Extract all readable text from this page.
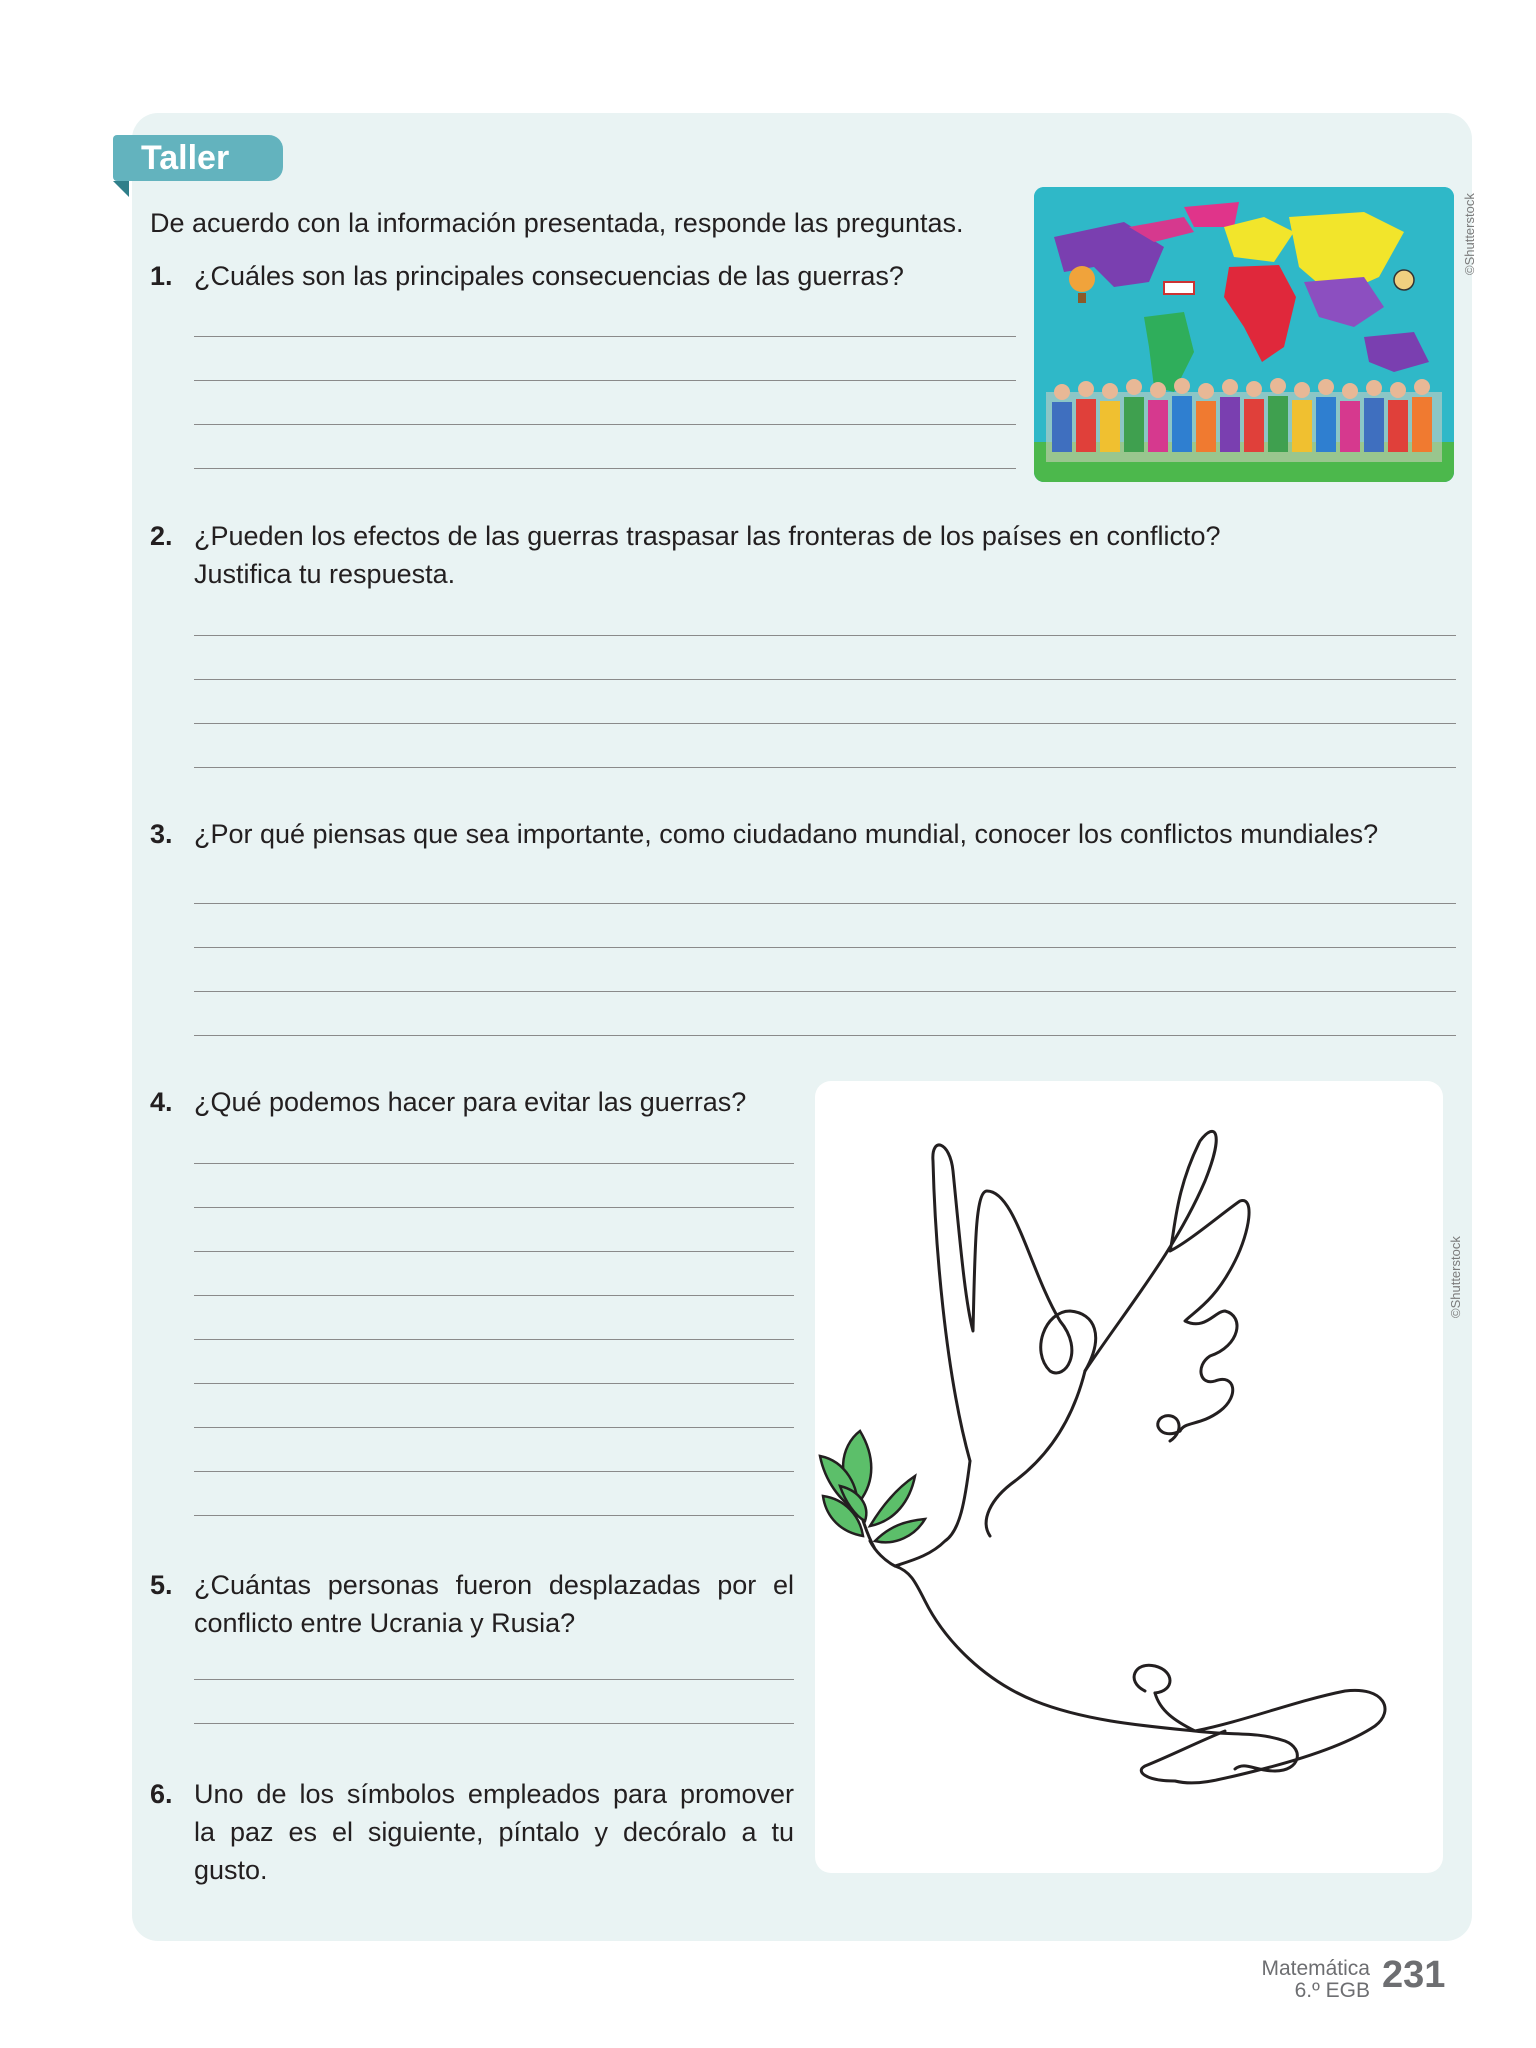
Taller
De acuerdo con la información presentada, responde las preguntas.
1. ¿Cuáles son las principales consecuencias de las guerras?
©Shutterstock
2. ¿Pueden los efectos de las guerras traspasar las fronteras de los países en conflicto?
Justifica tu respuesta.
3. ¿Por qué piensas que sea importante, como ciudadano mundial, conocer los conflictos mundiales?
4. ¿Qué podemos hacer para evitar las guerras?
5. ¿Cuántas personas fueron desplazadas por el
conflicto entre Ucrania y Rusia?
6. Uno de los símbolos empleados para promover
la paz es el siguiente, píntalo y decóralo a tu
gusto.
©Shutterstock
Matemática
6.º EGB 231
